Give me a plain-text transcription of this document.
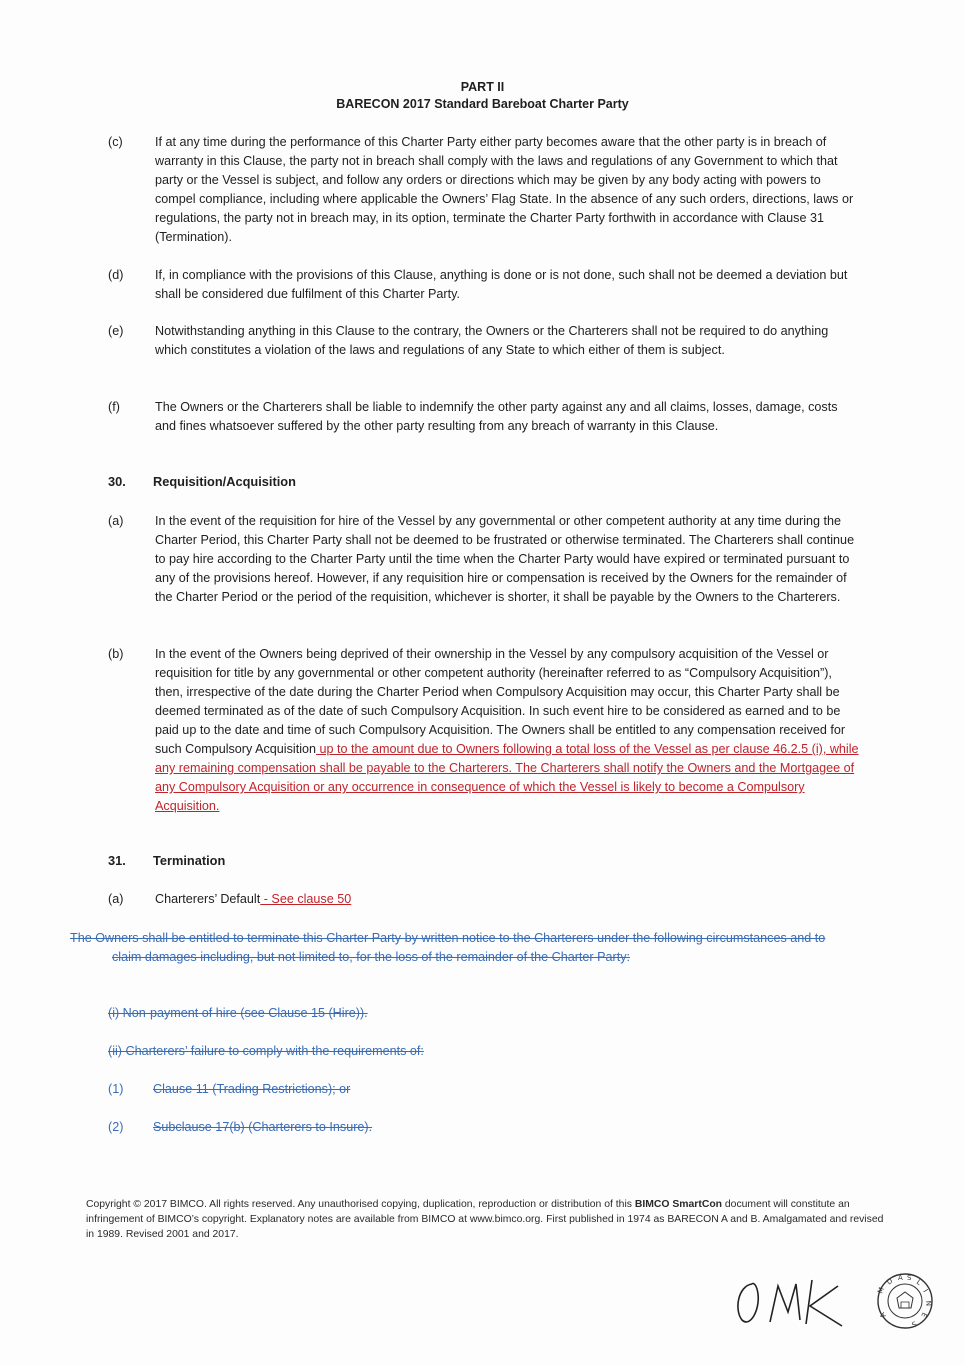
PART II
BARECON 2017 Standard Bareboat Charter Party
(c)	If at any time during the performance of this Charter Party either party becomes aware that the other party is in breach of warranty in this Clause, the party not in breach shall comply with the laws and regulations of any Government to which that party or the Vessel is subject, and follow any orders or directions which may be given by any body acting with powers to compel compliance, including where applicable the Owners’ Flag State. In the absence of any such orders, directions, laws or regulations, the party not in breach may, in its option, terminate the Charter Party forthwith in accordance with Clause 31 (Termination).
(d)	If, in compliance with the provisions of this Clause, anything is done or is not done, such shall not be deemed a deviation but shall be considered due fulfilment of this Charter Party.
(e)	Notwithstanding anything in this Clause to the contrary, the Owners or the Charterers shall not be required to do anything which constitutes a violation of the laws and regulations of any State to which either of them is subject.
(f)	The Owners or the Charterers shall be liable to indemnify the other party against any and all claims, losses, damage, costs and fines whatsoever suffered by the other party resulting from any breach of warranty in this Clause.
30. Requisition/Acquisition
(a)	In the event of the requisition for hire of the Vessel by any governmental or other competent authority at any time during the Charter Period, this Charter Party shall not be deemed to be frustrated or otherwise terminated. The Charterers shall continue to pay hire according to the Charter Party until the time when the Charter Party would have expired or terminated pursuant to any of the provisions hereof. However, if any requisition hire or compensation is received by the Owners for the remainder of the Charter Period or the period of the requisition, whichever is shorter, it shall be payable by the Owners to the Charterers.
(b)	In the event of the Owners being deprived of their ownership in the Vessel by any compulsory acquisition of the Vessel or requisition for title by any governmental or other competent authority (hereinafter referred to as “Compulsory Acquisition”), then, irrespective of the date during the Charter Period when Compulsory Acquisition may occur, this Charter Party shall be deemed terminated as of the date of such Compulsory Acquisition. In such event hire to be considered as earned and to be paid up to the date and time of such Compulsory Acquisition. The Owners shall be entitled to any compensation received for such Compulsory Acquisition up to the amount due to Owners following a total loss of the Vessel as per clause 46.2.5 (i), while any remaining compensation shall be payable to the Charterers. The Charterers shall notify the Owners and the Mortgagee of any Compulsory Acquisition or any occurrence in consequence of which the Vessel is likely to become a Compulsory Acquisition.
31. Termination
(a)	Charterers’ Default - See clause 50
The Owners shall be entitled to terminate this Charter Party by written notice to the Charterers under the following circumstances and to claim damages including, but not limited to, for the loss of the remainder of the Charter Party:
(i) Non-payment of hire (see Clause 15 (Hire)).
(ii) Charterers’ failure to comply with the requirements of:
(1) Clause 11 (Trading Restrictions); or
(2) Subclause 17(b) (Charterers to Insure).
Copyright © 2017 BIMCO. All rights reserved. Any unauthorised copying, duplication, reproduction or distribution of this BIMCO SmartCon document will constitute an infringement of BIMCO’s copyright. Explanatory notes are available from BIMCO at www.bimco.org. First published in 1974 as BARECON A and B. Amalgamated and revised in 1989. Revised 2001 and 2017.
D A S
L
I
N
E
S
M
A
